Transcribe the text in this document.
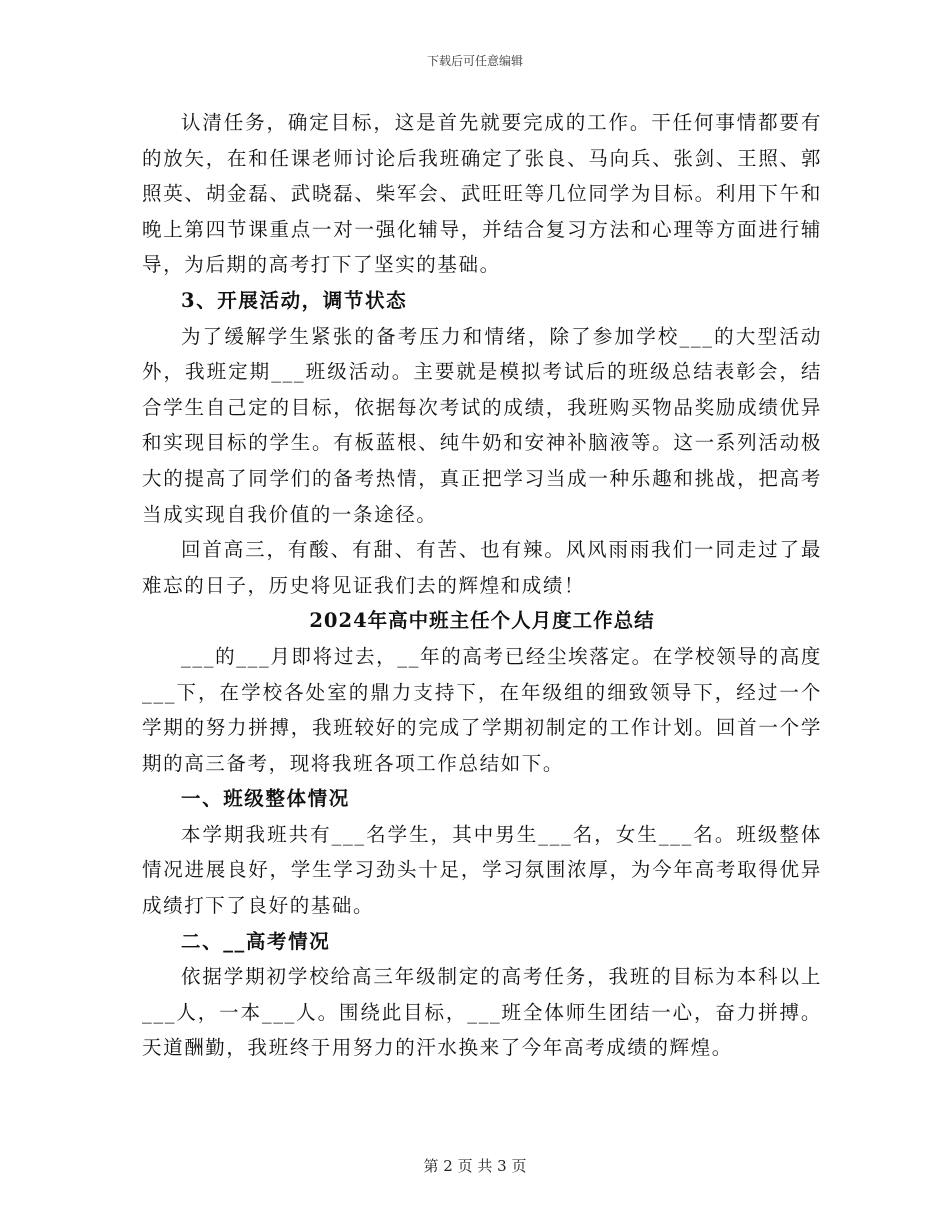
下载后可任意编辑

认清任务，确定目标，这是首先就要完成的工作。干任何事情都要有的放矢，在和任课老师讨论后我班确定了张良、马向兵、张剑、王照、郭照英、胡金磊、武晓磊、柴军会、武旺旺等几位同学为目标。利用下午和晚上第四节课重点一对一强化辅导，并结合复习方法和心理等方面进行辅导，为后期的高考打下了坚实的基础。

3、开展活动，调节状态

为了缓解学生紧张的备考压力和情绪，除了参加学校___的大型活动外，我班定期___班级活动。主要就是模拟考试后的班级总结表彰会，结合学生自己定的目标，依据每次考试的成绩，我班购买物品奖励成绩优异和实现目标的学生。有板蓝根、纯牛奶和安神补脑液等。这一系列活动极大的提高了同学们的备考热情，真正把学习当成一种乐趣和挑战，把高考当成实现自我价值的一条途径。

回首高三，有酸、有甜、有苦、也有辣。风风雨雨我们一同走过了最难忘的日子，历史将见证我们去的辉煌和成绩！

2024年高中班主任个人月度工作总结

___的___月即将过去，__年的高考已经尘埃落定。在学校领导的高度___下，在学校各处室的鼎力支持下，在年级组的细致领导下，经过一个学期的努力拼搏，我班较好的完成了学期初制定的工作计划。回首一个学期的高三备考，现将我班各项工作总结如下。

一、班级整体情况

本学期我班共有___名学生，其中男生___名，女生___名。班级整体情况进展良好，学生学习劲头十足，学习氛围浓厚，为今年高考取得优异成绩打下了良好的基础。

二、__高考情况

依据学期初学校给高三年级制定的高考任务，我班的目标为本科以上___人，一本___人。围绕此目标，___班全体师生团结一心，奋力拼搏。天道酬勤，我班终于用努力的汗水换来了今年高考成绩的辉煌。

第 2 页 共 3 页
